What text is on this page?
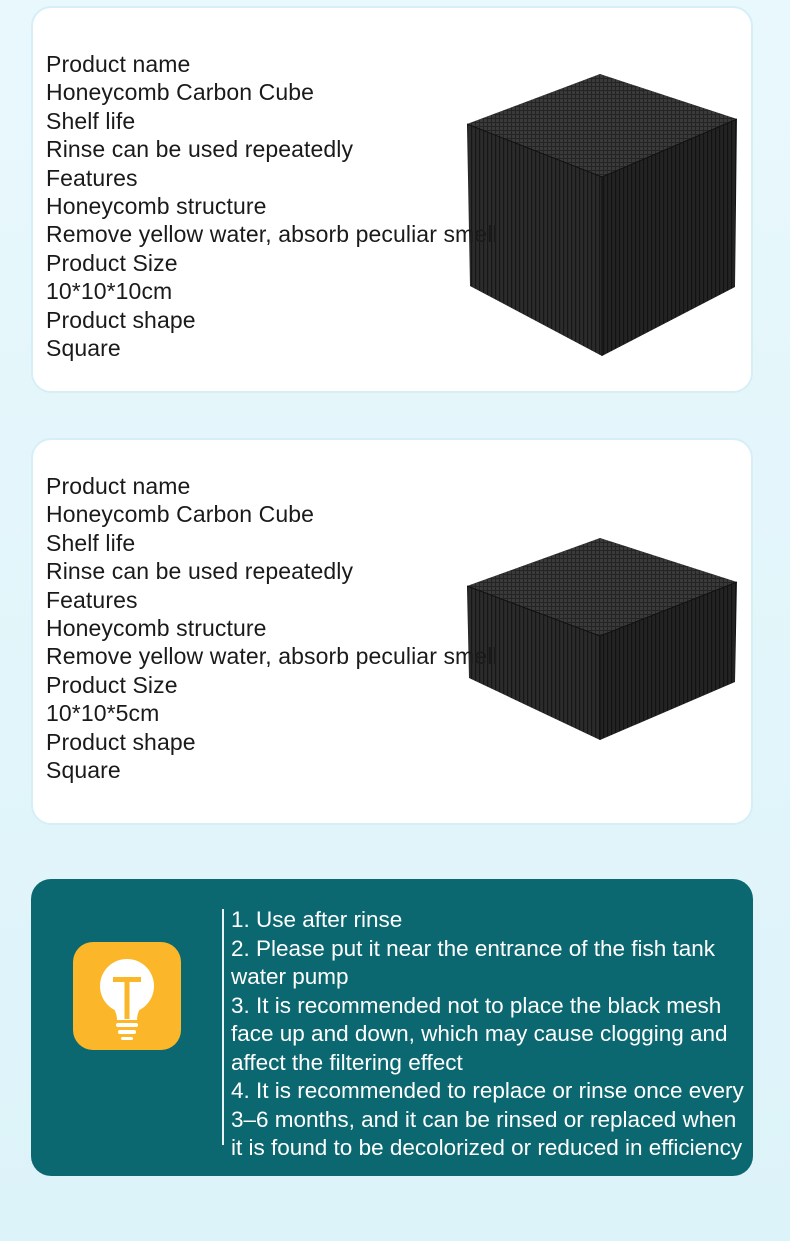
Product name
Honeycomb Carbon Cube
Shelf life
Rinse can be used repeatedly
Features
Honeycomb structure
Remove yellow water, absorb peculiar smell
Product Size
10*10*10cm
Product shape
Square
Product name
Honeycomb Carbon Cube
Shelf life
Rinse can be used repeatedly
Features
Honeycomb structure
Remove yellow water, absorb peculiar smell
Product Size
10*10*5cm
Product shape
Square
1. Use after rinse
2. Please put it near the entrance of the fish tank
water pump
3. It is recommended not to place the black mesh
face up and down, which may cause clogging and
affect the filtering effect
4. It is recommended to replace or rinse once every
3–6 months, and it can be rinsed or replaced when
it is found to be decolorized or reduced in efficiency
